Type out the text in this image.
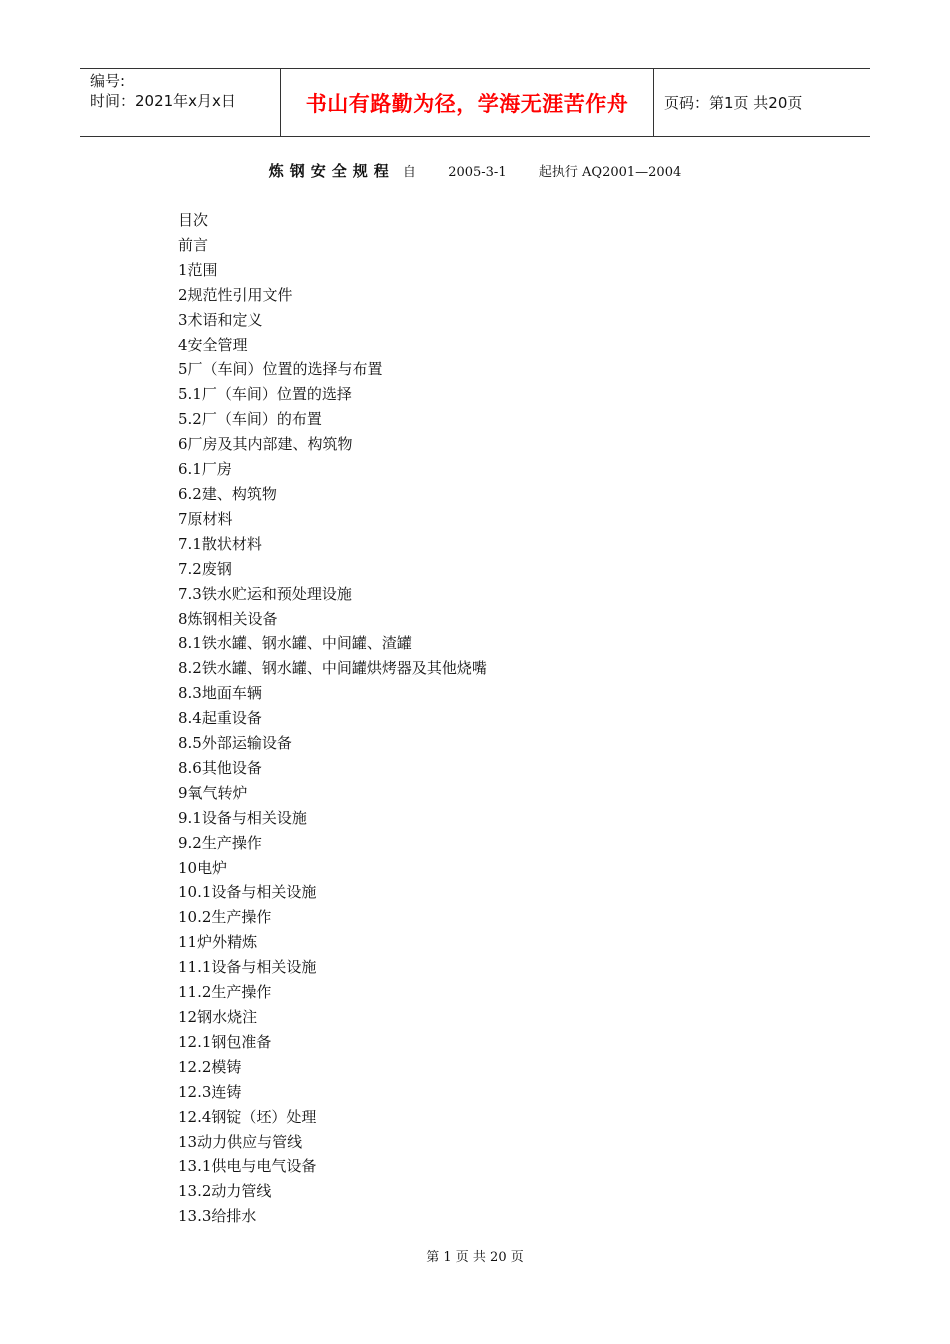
编号:
时间：2021年x月x日	书山有路勤为径，学海无涯苦作舟 页码：第1页 共20页
炼钢安全规程 自 2005-3-1 起执行 AQ2001—2004
目次
前言
1范围
2规范性引用文件
3术语和定义
4安全管理
5厂（车间）位置的选择与布置
5.1厂（车间）位置的选择
5.2厂（车间）的布置
6厂房及其内部建、构筑物
6.1厂房
6.2建、构筑物
7原材料
7.1散状材料
7.2废钢
7.3铁水贮运和预处理设施
8炼钢相关设备
8.1铁水罐、钢水罐、中间罐、渣罐
8.2铁水罐、钢水罐、中间罐烘烤器及其他烧嘴
8.3地面车辆
8.4起重设备
8.5外部运输设备
8.6其他设备
9氧气转炉
9.1设备与相关设施
9.2生产操作
10电炉
10.1设备与相关设施
10.2生产操作
11炉外精炼
11.1设备与相关设施
11.2生产操作
12钢水烧注
12.1钢包准备
12.2模铸
12.3连铸
12.4钢锭（坯）处理
13动力供应与管线
13.1供电与电气设备
13.2动力管线
13.3给排水
第 1 页 共 20 页
